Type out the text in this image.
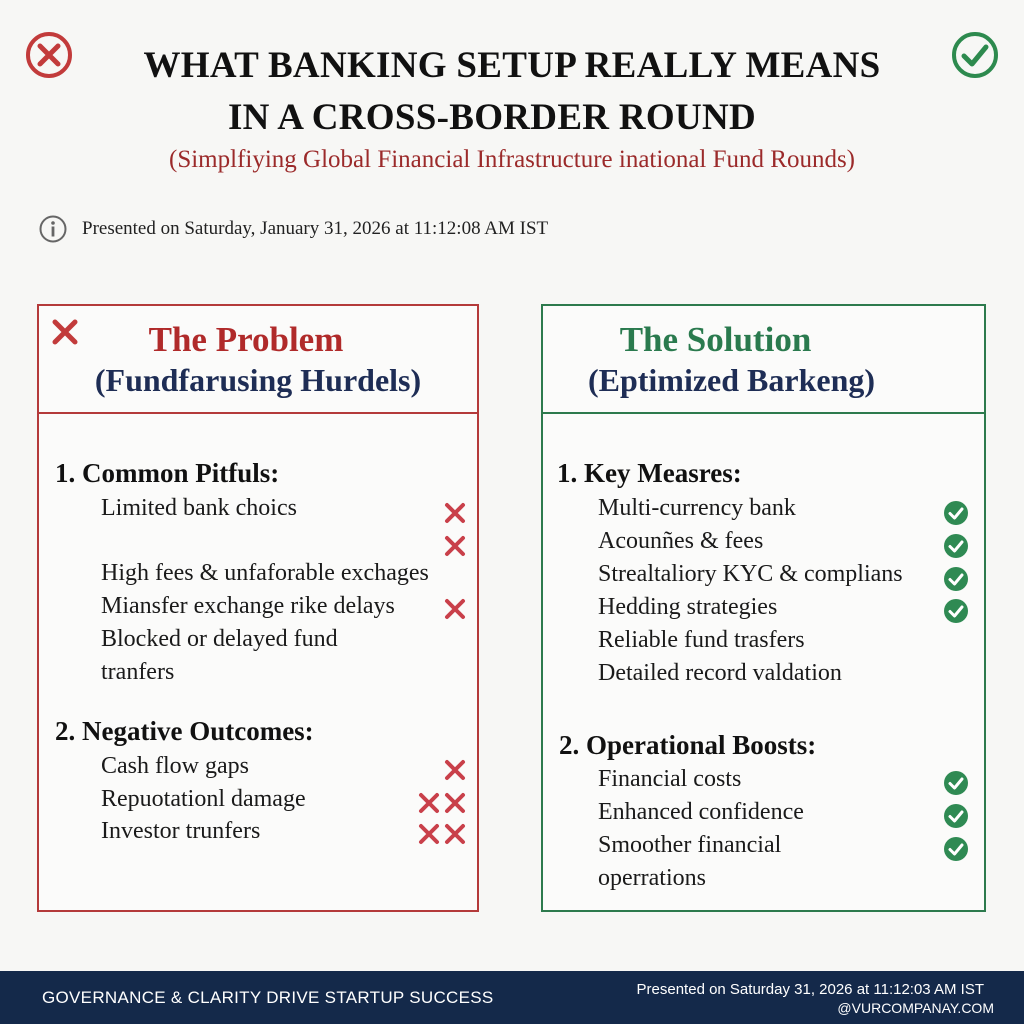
WHAT BANKING SETUP REALLY MEANS
IN A CROSS-BORDER ROUND
(Simplfiying Global Financial Infrastructure inational Fund Rounds)
Presented on Saturday, January 31, 2026 at 11:12:08 AM IST
The Problem
(Fundfarusing Hurdels)
1. Common Pitfuls:
Limited bank choics
High fees & unfaforable exchages
Miansfer exchange rike delays
Blocked or delayed fund
tranfers
2. Negative Outcomes:
Cash flow gaps
Repuotationl damage
Investor trunfers
The Solution
(Eptimized Barkeng)
1. Key Measres:
Multi-currency bank
Acounñes & fees
Strealtaliory KYC & complians
Hedding strategies
Reliable fund trasfers
Detailed record valdation
2. Operational Boosts:
Financial costs
Enhanced confidence
Smoother financial
operrations
GOVERNANCE & CLARITY DRIVE STARTUP SUCCESS	Presented on Saturday 31, 2026 at 11:12:03 AM IST
@VURCOMPANAY.COM
